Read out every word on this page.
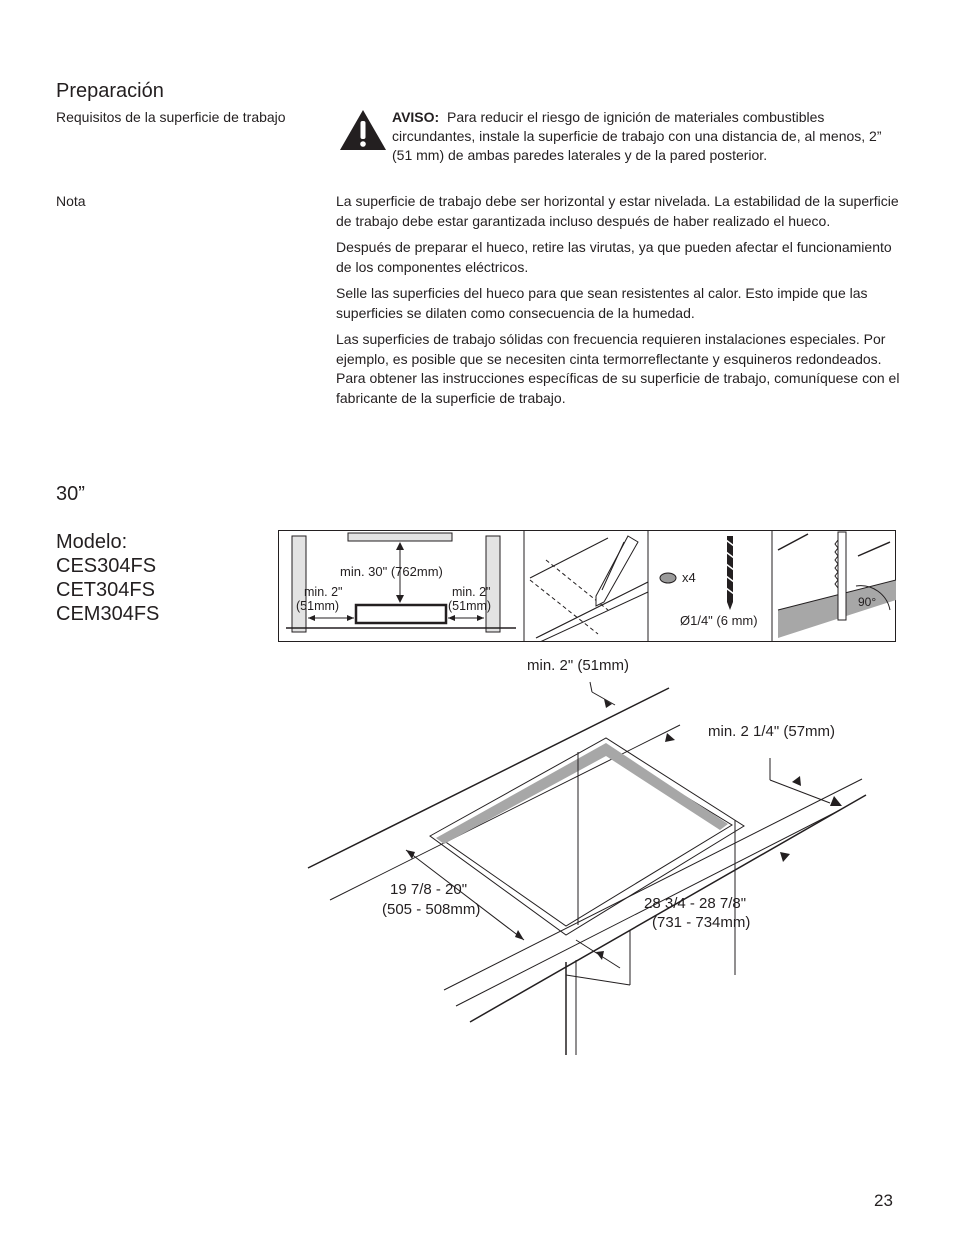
Preparación
Requisitos de la superficie de trabajo	AVISO: Para reducir el riesgo de ignición de materiales combustibles circundantes, instale la superficie de trabajo con una distancia de, al menos, 2” (51 mm) de ambas paredes laterales y de la pared posterior.
Nota	La superficie de trabajo debe ser horizontal y estar nivelada. La estabilidad de la superficie de trabajo debe estar garantizada incluso después de haber realizado el hueco.

Después de preparar el hueco, retire las virutas, ya que pueden afectar el funcionamiento de los componentes eléctricos.

Selle las superficies del hueco para que sean resistentes al calor. Esto impide que las superficies se dilaten como consecuencia de la humedad.

Las superficies de trabajo sólidas con frecuencia requieren instalaciones especiales. Por ejemplo, es posible que se necesiten cinta termorreflectante y esquineros redondeados. Para obtener las instrucciones específicas de su superficie de trabajo, comuníquese con el fabricante de la superficie de trabajo.

30”
Modelo:
CES304FS
CET304FS
CEM304FS
min. 30" (762mm)
min. 2"
(51mm)
min. 2"
(51mm)
x4
Ø1/4" (6 mm)
90°
min. 2" (51mm)
min. 2 1/4" (57mm)
19 7/8 - 20"
(505 - 508mm)	28 3/4 - 28 7/8"
(731 - 734mm)
23
